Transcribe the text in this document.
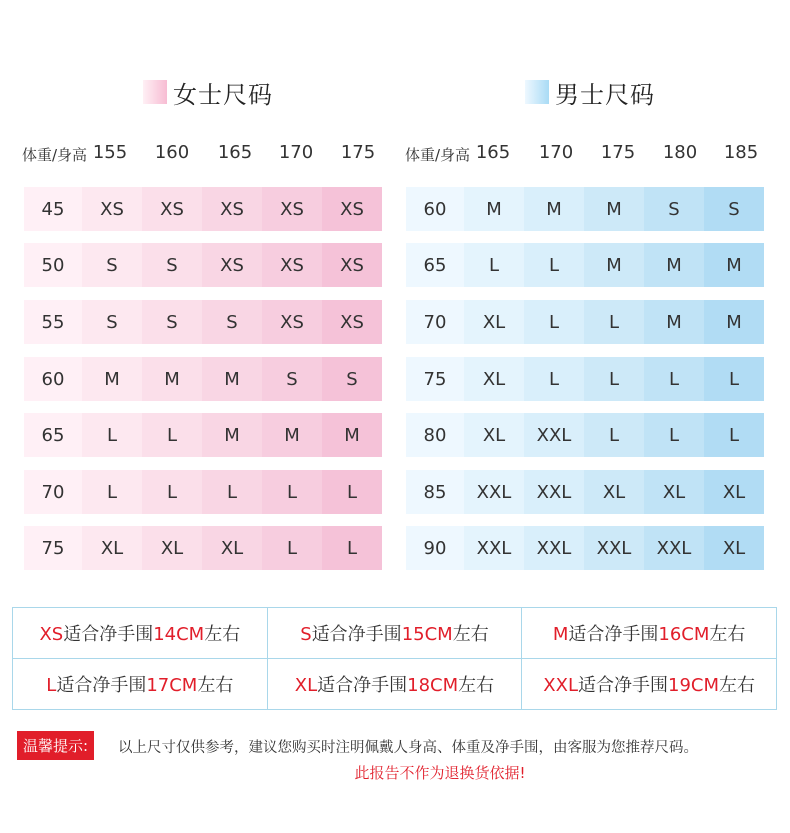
女士尺码	男士尺码
体重/身高 155	160	165	170	175	体重/身高 165	170	175	180	185
45	XS	XS	XS	XS	XS
50	S	S	XS	XS	XS
55	S	S	S	XS	XS
60	M	M	M	S	S
65	L	L	M	M	M
70	L	L	L	L	L
75	XL	XL	XL	L	L
60	M	M	M	S	S
65	L	L	M	M	M
70	XL	L	L	M	M
75	XL	L	L	L	L
80	XL	XXL	L	L	L
85	XXL	XXL	XL	XL	XL
90	XXL	XXL	XXL	XXL	XL
XS适合净手围14CM左右	S适合净手围15CM左右	M适合净手围16CM左右
L适合净手围17CM左右	XL适合净手围18CM左右	XXL适合净手围19CM左右
温馨提示: 以上尺寸仅供参考，建议您购买时注明佩戴人身高、体重及净手围，由客服为您推荐尺码。
此报告不作为退换货依据!
